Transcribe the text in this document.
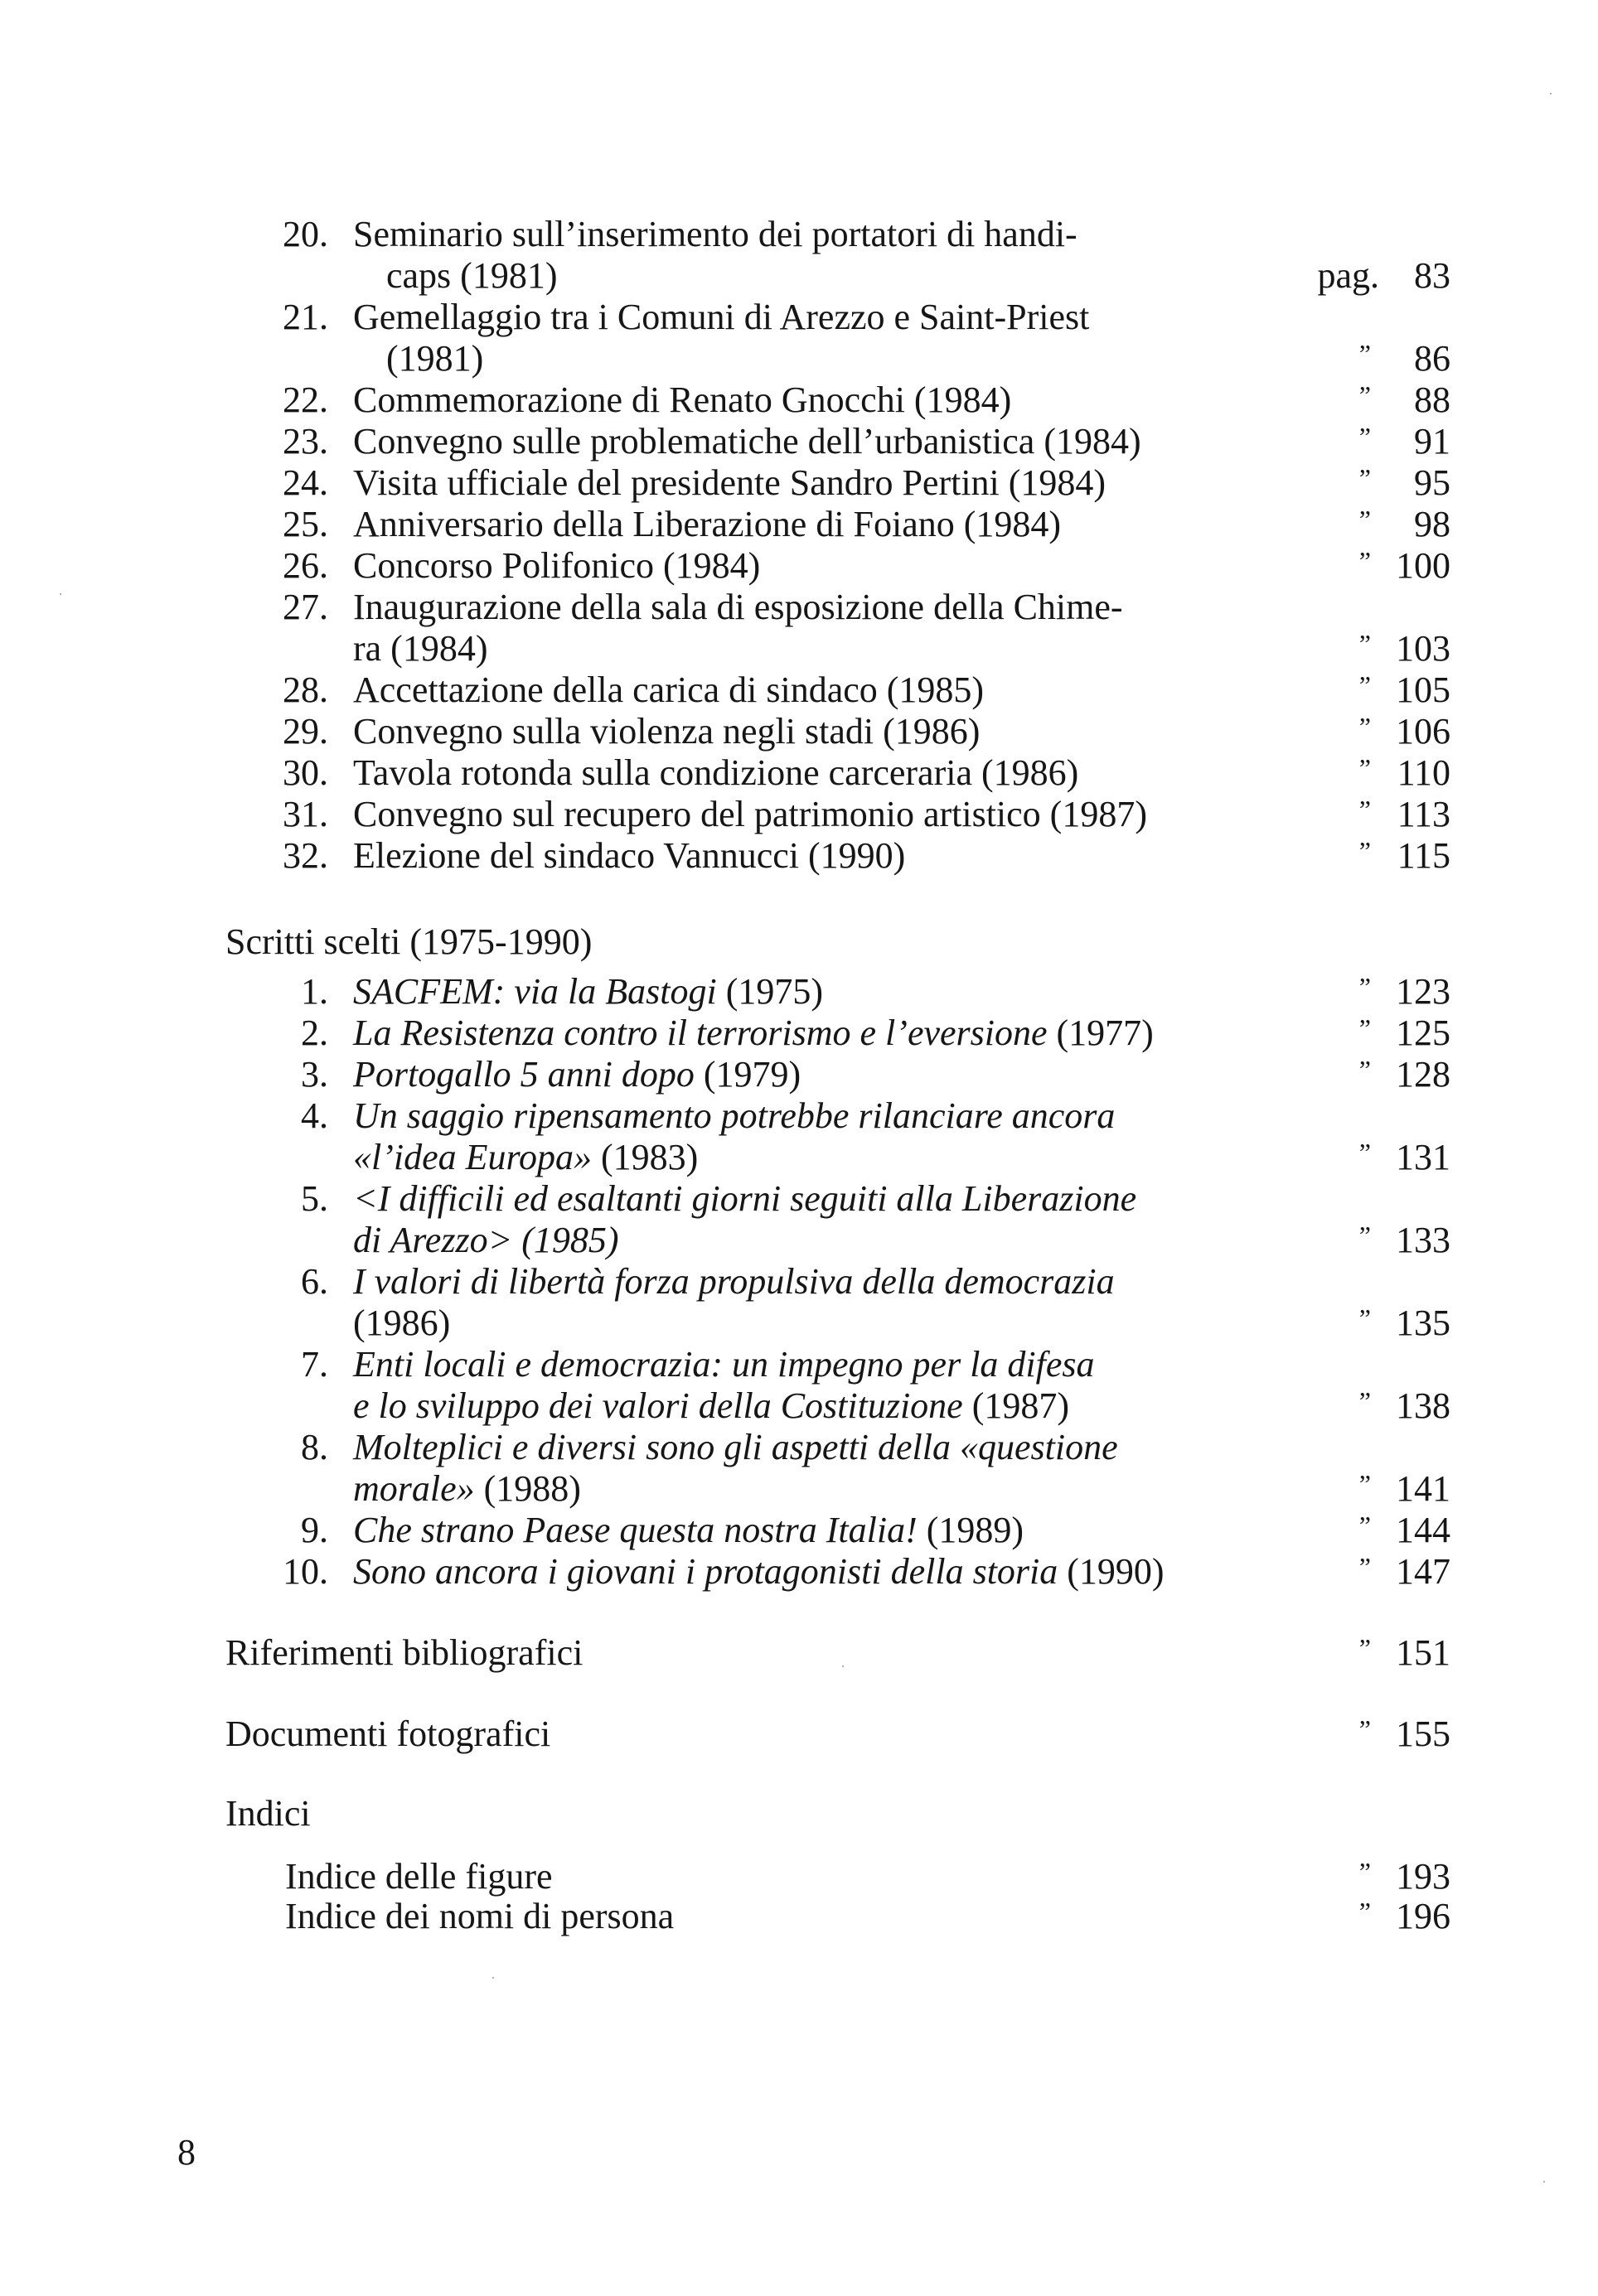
20. Seminario sull’inserimento dei portatori di handi-
caps (1981)	pag. 83
21. Gemellaggio tra i Comuni di Arezzo e Saint-Priest
(1981)	” 86
22. Commemorazione di Renato Gnocchi (1984)	” 88
23. Convegno sulle problematiche dell’urbanistica (1984)	” 91
24. Visita ufficiale del presidente Sandro Pertini (1984)	” 95
25. Anniversario della Liberazione di Foiano (1984)	” 98
26. Concorso Polifonico (1984)	” 100
27. Inaugurazione della sala di esposizione della Chime-
ra (1984)	” 103
28. Accettazione della carica di sindaco (1985)	” 105
29. Convegno sulla violenza negli stadi (1986)	” 106
30. Tavola rotonda sulla condizione carceraria (1986)	” 110
31. Convegno sul recupero del patrimonio artistico (1987)	” 113
32. Elezione del sindaco Vannucci (1990)	” 115
Scritti scelti (1975-1990)
1. SACFEM: via la Bastogi (1975)	” 123
2. La Resistenza contro il terrorismo e l’eversione (1977)	” 125
3. Portogallo 5 anni dopo (1979)	” 128
4. Un saggio ripensamento potrebbe rilanciare ancora
«l’idea Europa» (1983)	” 131
5. <I difficili ed esaltanti giorni seguiti alla Liberazione
di Arezzo> (1985)	” 133
6. I valori di libertà forza propulsiva della democrazia
(1986)	” 135
7. Enti locali e democrazia: un impegno per la difesa
e lo sviluppo dei valori della Costituzione (1987)	” 138
8. Molteplici e diversi sono gli aspetti della «questione
morale» (1988)	” 141
9. Che strano Paese questa nostra Italia! (1989)	” 144
10. Sono ancora i giovani i protagonisti della storia (1990)	” 147
Riferimenti bibliografici	” 151
Documenti fotografici	” 155
Indici
Indice delle figure	” 193
Indice dei nomi di persona	” 196
8
